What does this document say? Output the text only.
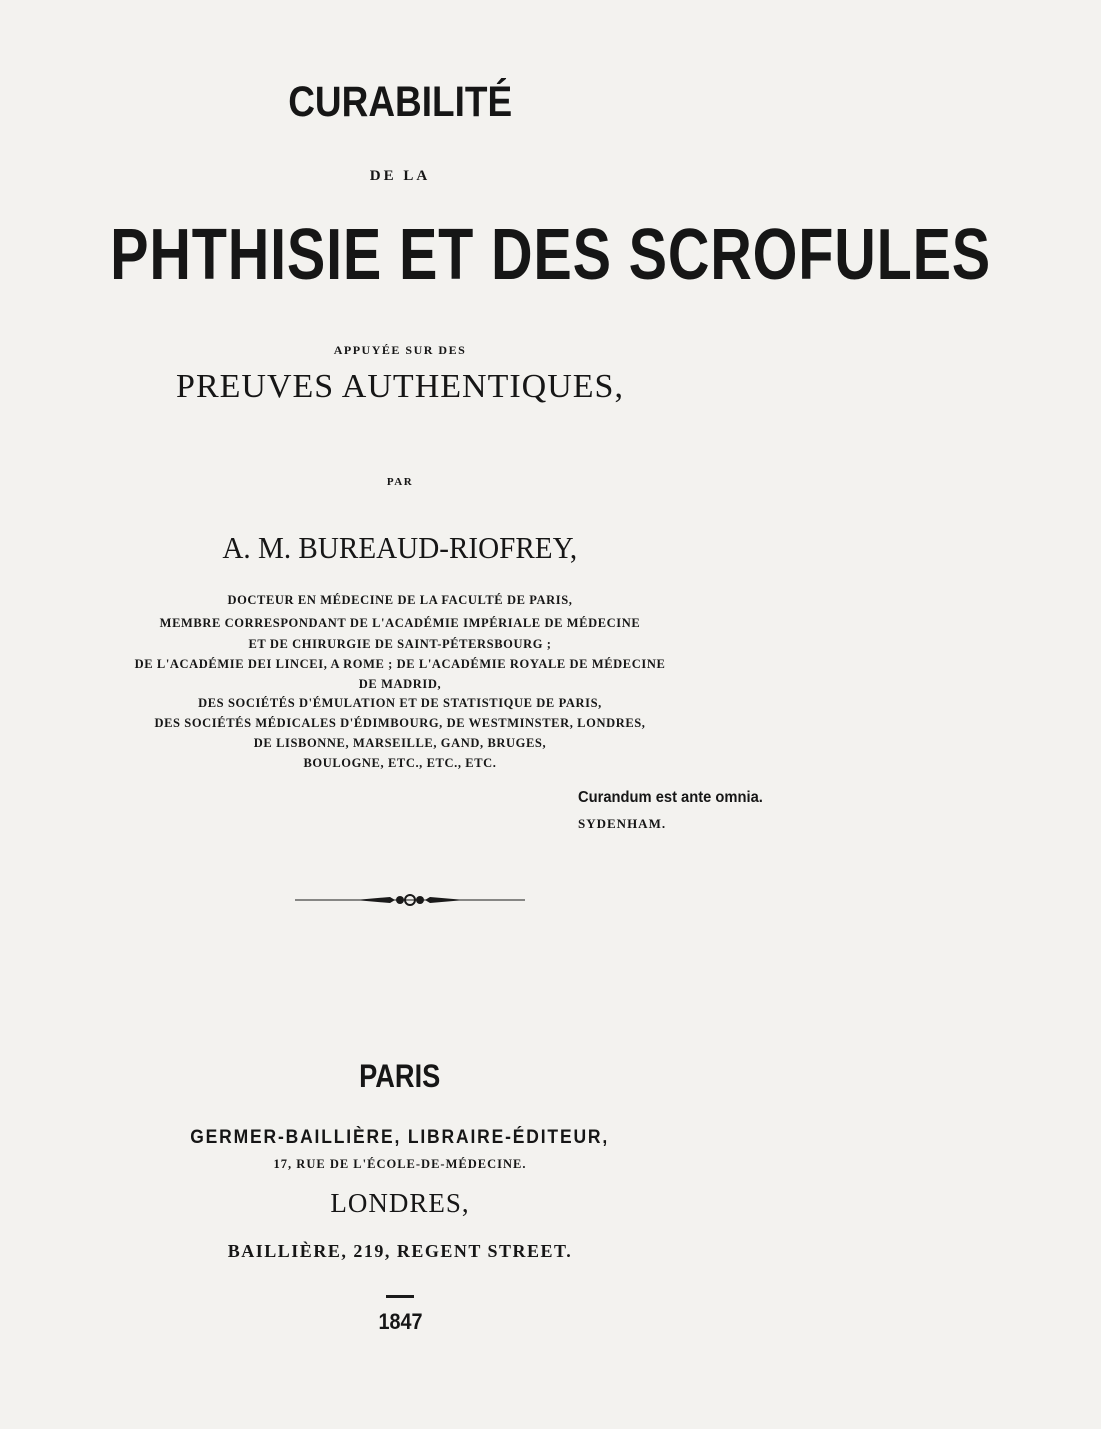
CURABILITÉ

DE LA

PHTHISIE ET DES SCROFULES

APPUYÉE SUR DES

PREUVES AUTHENTIQUES,

PAR

A. M. BUREAUD-RIOFREY,

DOCTEUR EN MÉDECINE DE LA FACULTÉ DE PARIS,

MEMBRE CORRESPONDANT DE L'ACADÉMIE IMPÉRIALE DE MÉDECINE

ET DE CHIRURGIE DE SAINT-PÉTERSBOURG ;

DE L'ACADÉMIE DEI LINCEI, A ROME ; DE L'ACADÉMIE ROYALE DE MÉDECINE

DE MADRID,

DES SOCIÉTÉS D'ÉMULATION ET DE STATISTIQUE DE PARIS,

DES SOCIÉTÉS MÉDICALES D'ÉDIMBOURG, DE WESTMINSTER, LONDRES,

DE LISBONNE, MARSEILLE, GAND, BRUGES,

BOULOGNE, ETC., ETC., ETC.

Curandum est ante omnia.
SYDENHAM.

PARIS

GERMER-BAILLIÈRE, LIBRAIRE-ÉDITEUR,

17, RUE DE L'ÉCOLE-DE-MÉDECINE.

LONDRES,

BAILLIÈRE, 219, REGENT STREET.

1847
